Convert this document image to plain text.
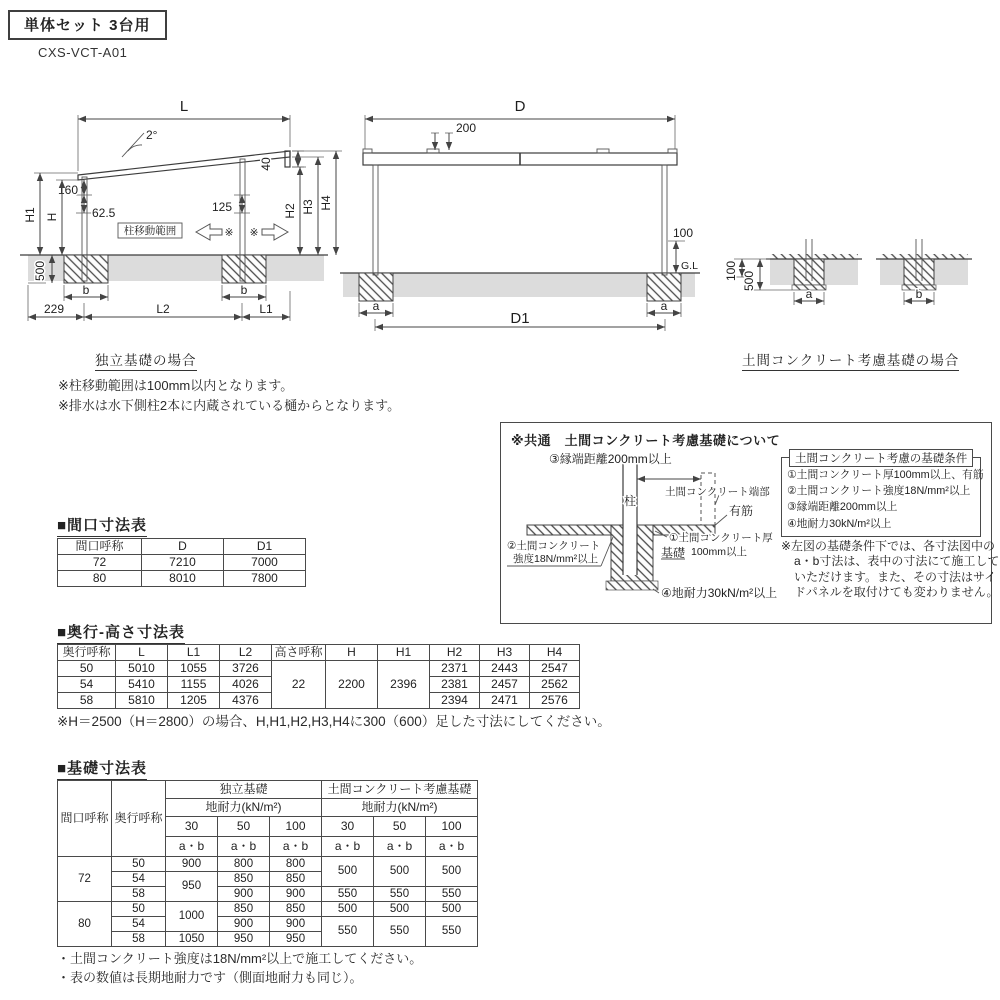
単体セット 3台用
CXS-VCT-A01
L
2°
160
62.5	125
40
H1 H
柱移動範囲	※ ※
H2 H3 H4
500
b	b
229	L2	L1
独立基礎の場合
D
200
100
G.L
a	a
D1
100 500
a	b
土間コンクリート考慮基礎の場合
※柱移動範囲は100mm以内となります。
※排水は水下側柱2本に内蔵されている樋からとなります。
※共通　土間コンクリート考慮基礎について
柱
③縁端距離200mm以上
土間コンクリート端部
有筋
①土間コンクリート厚
100mm以上
基礎
②土間コンクリート
強度18N/mm²以上
④地耐力30kN/m²以上
土間コンクリート考慮の基礎条件
①土間コンクリート厚100mm以上、有筋
②土間コンクリート強度18N/mm²以上
③縁端距離200mm以上
④地耐力30kN/m²以上
※左図の基礎条件下では、各寸法図中のa・b寸法は、表中の寸法にて施工していただけます。また、その寸法はサイドパネルを取付けても変わりません。
■間口寸法表
間口呼称	D	D1
72	7210	7000
80	8010	7800
■奥行-高さ寸法表
奥行呼称	L	L1	L2	高さ呼称	H	H1	H2	H3	H4
50	5010	1055	3726	22	2200	2396	2371	2443	2547
54	5410	1155	4026				2381	2457	2562
58	5810	1205	4376				2394	2471	2576
※H＝2500（H＝2800）の場合、H,H1,H2,H3,H4に300（600）足した寸法にしてください。
■基礎寸法表
間口呼称	奥行呼称	独立基礎			土間コンクリート考慮基礎		
		地耐力(kN/m²)			地耐力(kN/m²)		
		30	50	100	30	50	100
		a・b	a・b	a・b	a・b	a・b	a・b
72	50	900	800	800	500	500	500
	54	950	850	850			
	58		900	900	550	550	550
80	50	1000	850	850	500	500	500
	54		900	900	550	550	550
	58	1050	950	950			
・土間コンクリート強度は18N/mm²以上で施工してください。
・表の数値は長期地耐力です（側面地耐力も同じ）。
